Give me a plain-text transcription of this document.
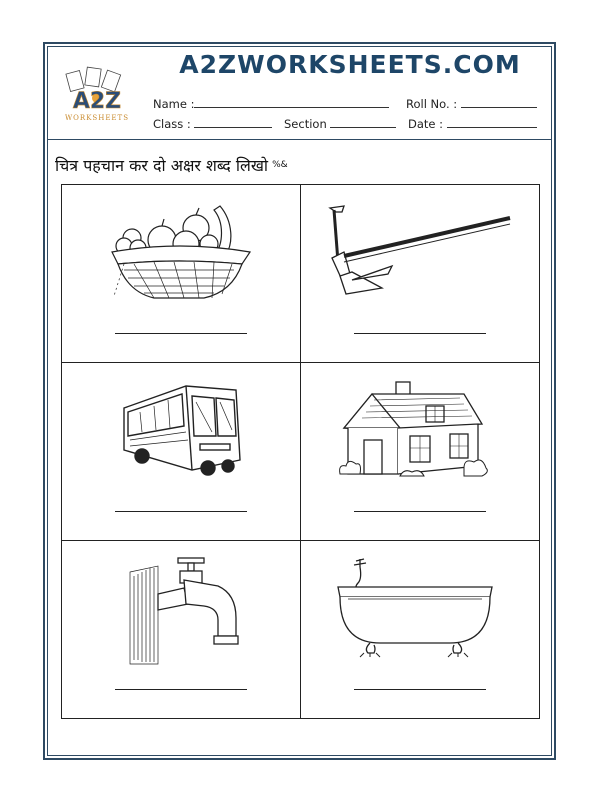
A2Z
WORKSHEETS
A2ZWORKSHEETS.COM
Name :	Roll No. :
Class :	Section	Date :
चित्र पहचान कर दो अक्षर शब्द लिखो %&
